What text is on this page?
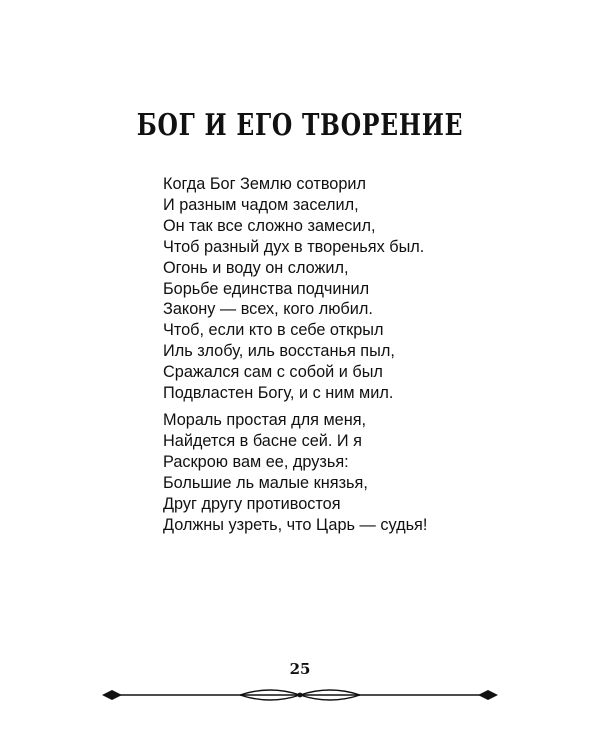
БОГ И ЕГО ТВОРЕНИЕ
Когда Бог Землю сотворил
И разным чадом заселил,
Он так все сложно замесил,
Чтоб разный дух в твореньях был.
Огонь и воду он сложил,
Борьбе единства подчинил
Закону — всех, кого любил.
Чтоб, если кто в себе открыл
Иль злобу, иль восстанья пыл,
Сражался сам с собой и был
Подвластен Богу, и с ним мил.
Мораль простая для меня,
Найдется в басне сей. И я
Раскрою вам ее, друзья:
Большие ль малые князья,
Друг другу противостоя
Должны узреть, что Царь — судья!
25
